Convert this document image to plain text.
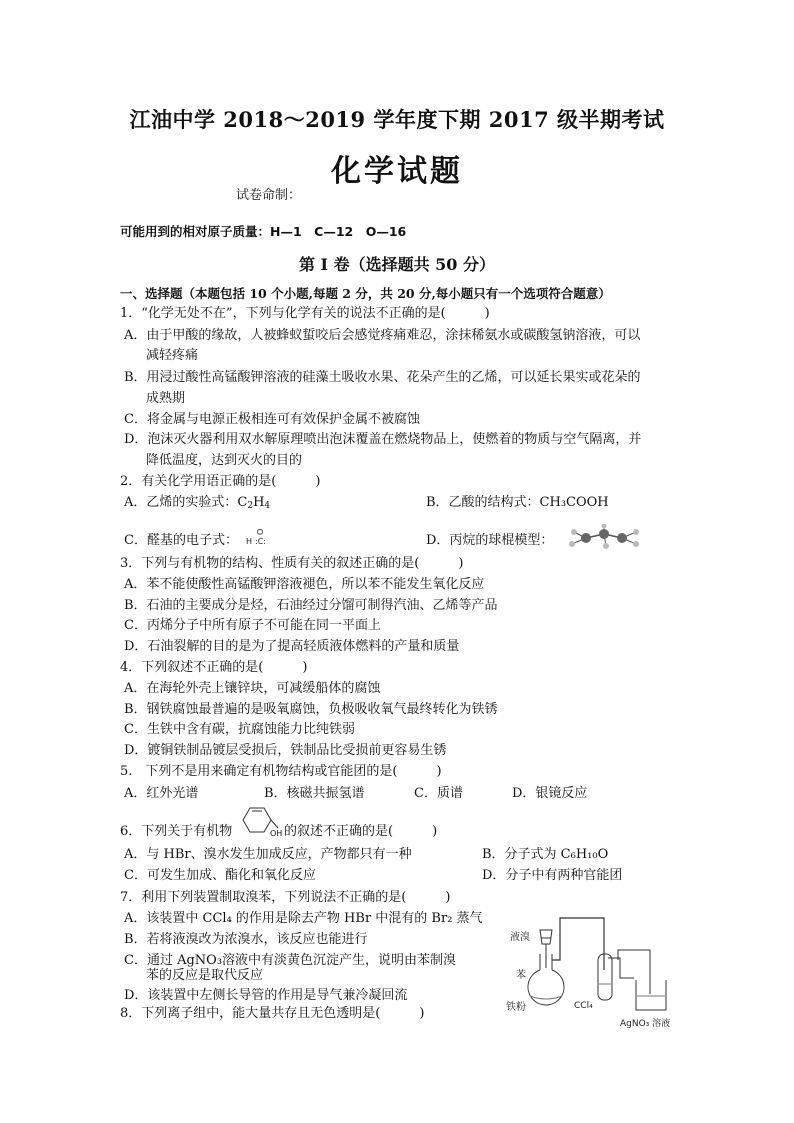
江油中学 2018～2019 学年度下期 2017 级半期考试
化学试题
试卷命制：
可能用到的相对原子质量：H—1　C—12　O—16
第 I 卷（选择题共 50 分）
一、选择题（本题包括 10 个小题,每题 2 分，共 20 分,每小题只有一个选项符合题意）
1．“化学无处不在”，下列与化学有关的说法不正确的是(　　　)
A．由于甲酸的缘故，人被蜂蚁蜇咬后会感觉疼痛难忍，涂抹稀氨水或碳酸氢钠溶液，可以
减轻疼痛
B．用浸过酸性高锰酸钾溶液的硅藻土吸收水果、花朵产生的乙烯，可以延长果实或花朵的
成熟期
C．将金属与电源正极相连可有效保护金属不被腐蚀
D．泡沫灭火器利用双水解原理喷出泡沫覆盖在燃烧物品上，使燃着的物质与空气隔离，并
降低温度，达到灭火的目的
2．有关化学用语正确的是(　　　)
A．乙烯的实验式：$C_2H_4$	B．乙酸的结构式：CH₃COOH
C．醛基的电子式： H :C:
O
D．丙烷的球棍模型：
3．下列与有机物的结构、性质有关的叙述正确的是(　　　)
A．苯不能使酸性高锰酸钾溶液褪色，所以苯不能发生氧化反应
B．石油的主要成分是烃，石油经过分馏可制得汽油、乙烯等产品
C．丙烯分子中所有原子不可能在同一平面上
D．石油裂解的目的是为了提高轻质液体燃料的产量和质量
4．下列叙述不正确的是(　　　)
A．在海轮外壳上镶锌块，可减缓船体的腐蚀
B．钢铁腐蚀最普遍的是吸氧腐蚀，负极吸收氧气最终转化为铁锈
C．生铁中含有碳，抗腐蚀能力比纯铁弱
D．镀铜铁制品镀层受损后，铁制品比受损前更容易生锈
5.　下列不是用来确定有机物结构或官能团的是(　　　)
A．红外光谱	B．核磁共振氢谱	C．质谱	D．银镜反应
6．下列关于有机物	OH 的叙述不正确的是(　　　)
A．与 HBr、溴水发生加成反应，产物都只有一种	B．分子式为 C₆H₁₀O
C．可发生加成、酯化和氧化反应	D．分子中有两种官能团
7．利用下列装置制取溴苯，下列说法不正确的是(　　　)
A．该装置中 CCl₄ 的作用是除去产物 HBr 中混有的 Br₂ 蒸气
B．若将液溴改为浓溴水，该反应也能进行
C．通过 AgNO₃溶液中有淡黄色沉淀产生，说明由苯制溴
苯的反应是取代反应
D．该装置中左侧长导管的作用是导气兼冷凝回流
液溴
苯
铁粉	CCl₄
AgNO₃ 溶液
8．下列离子组中，能大量共存且无色透明是(　　　)
